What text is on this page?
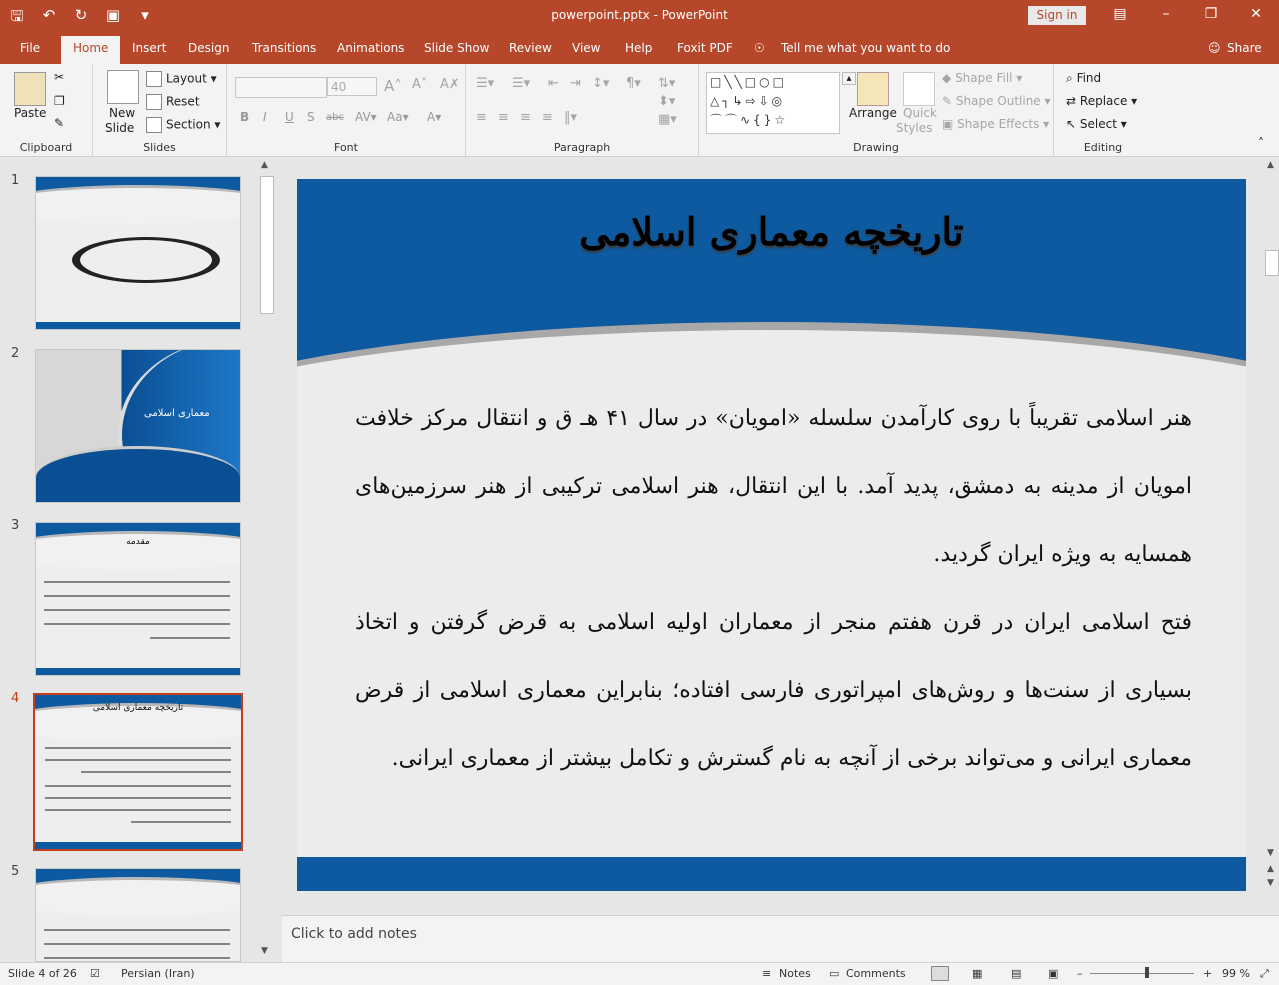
🖫 ↶ ↻ ▣	▾	powerpoint.pptx - PowerPoint	Sign in	▤	–	❐ ✕
File	Home	Insert Design Transitions Animations Slide Show Review View Help Foxit PDF ☉ Tell me what you want to do	☺ Share
Paste
✂
❐
✎
Clipboard
New
Slide
Layout ▾
Reset
Section ▾
Slides
40	A˄ A˅ A✗
B I U S abc AV▾ Aa▾ A▾
Font
☰▾ ☰▾ ⇤ ⇥ ↕▾ ¶▾
≡ ≡ ≡ ≡ ‖▾
⇅▾
⬍▾
▦▾
Paragraph
□╲╲□○□
△┐↳⇨⇩◎
⌒⌒∿{}☆
▴
Arrange Quick
Styles
◆ Shape Fill ▾
✎ Shape Outline ▾
▣ Shape Effects ▾
Drawing
⌕ Find
⇄ Replace ▾
↖ Select ▾
Editing	˄
1
2
معماری اسلامی
3
مقدمه
4
تاریخچه معماری اسلامی
5
▲
▼
تاریخچه معماری اسلامی

هنر اسلامی تقریباً با روی کارآمدن سلسله «امویان» در سال ۴۱ هـ ق و انتقال مرکز خلافت امویان از مدینه به دمشق، پدید آمد. با این انتقال، هنر اسلامی ترکیبی از هنر سرزمین‌های همسایه به ویژه ایران گردید.

فتح اسلامی ایران در قرن هفتم منجر از معماران اولیه اسلامی به قرض گرفتن و اتخاذ بسیاری از سنت‌ها و روش‌های امپراتوری فارسی افتاده؛ بنابراین معماری اسلامی از قرض معماری ایرانی و می‌تواند برخی از آنچه به نام گسترش و تکامل بیشتر از معماری ایرانی.

▲
▼
▲
▼
Click to add notes
Slide 4 of 26 ☑ Persian (Iran)	≡ Notes ▭ Comments	▦	▤ ▣ –	+ 99 % ⤢
